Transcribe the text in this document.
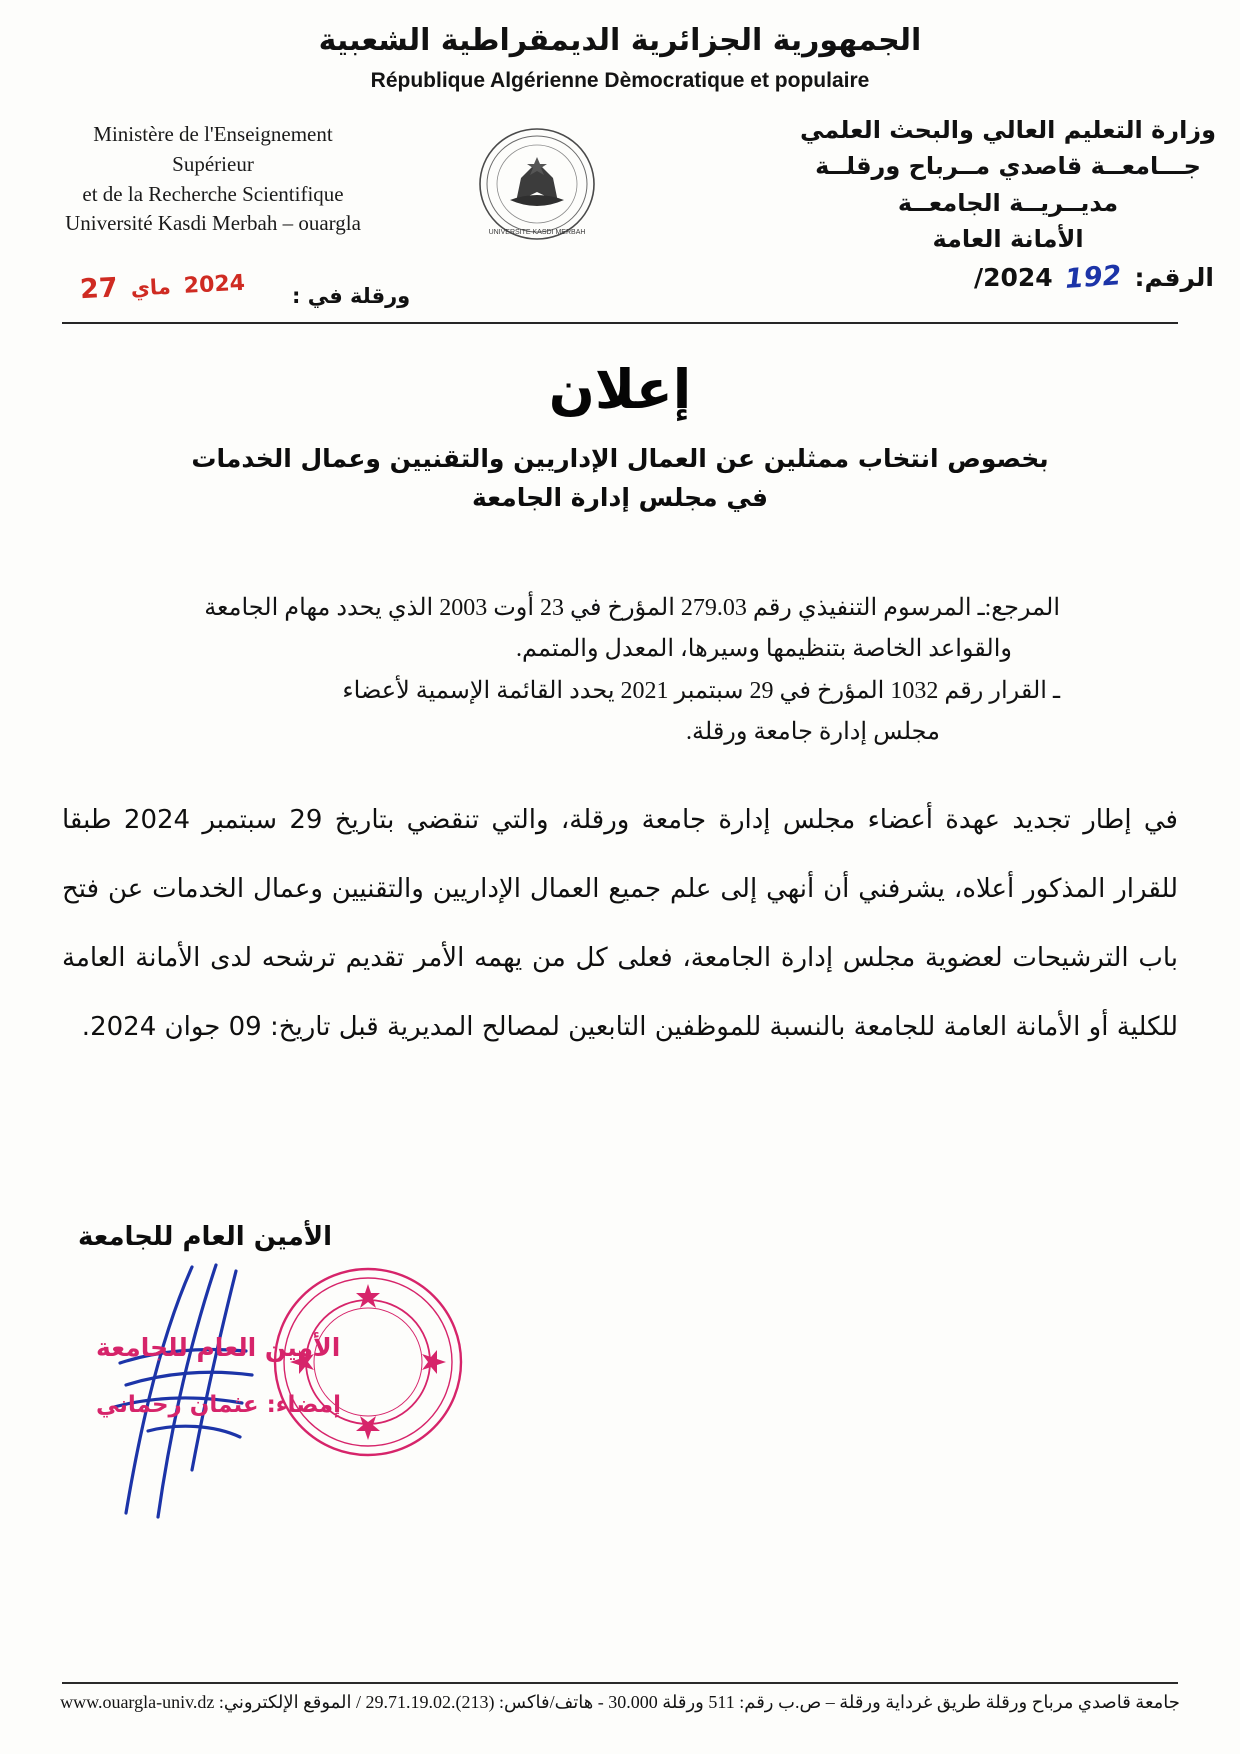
الجمهورية الجزائرية الديمقراطية الشعبية
République Algérienne Dèmocratique et populaire
Ministère de l'Enseignement
Supérieur
et de la Recherche Scientifique
Université Kasdi Merbah – ouargla
وزارة التعليم العالي والبحث العلمي
جـــامعــة قاصدي مــرباح ورقلــة
مديــريــة الجامعــة
الأمانة العامة
UNIVERSITE KASDI MERBAH
الرقم: 192 2024/
ورقلة في :
2024 ماي 27
إعلان
بخصوص انتخاب ممثلين عن العمال الإداريين والتقنيين وعمال الخدمات
في مجلس إدارة الجامعة
المرجع:ـ المرسوم التنفيذي رقم 279.03 المؤرخ في 23 أوت 2003 الذي يحدد مهام الجامعة
والقواعد الخاصة بتنظيمها وسيرها، المعدل والمتمم.
ـ القرار رقم 1032 المؤرخ في 29 سبتمبر 2021 يحدد القائمة الإسمية لأعضاء
مجلس إدارة جامعة ورقلة.

في إطار تجديد عهدة أعضاء مجلس إدارة جامعة ورقلة، والتي تنقضي بتاريخ 29 سبتمبر 2024 طبقا للقرار المذكور أعلاه، يشرفني أن أنهي إلى علم جميع العمال الإداريين والتقنيين وعمال الخدمات عن فتح باب الترشيحات لعضوية مجلس إدارة الجامعة، فعلى كل من يهمه الأمر تقديم ترشحه لدى الأمانة العامة للكلية أو الأمانة العامة للجامعة بالنسبة للموظفين التابعين لمصالح المديرية قبل تاريخ: 09 جوان 2024.

الأمين العام للجامعة
الأمين العام للجامعة
إمضاء: عثمان رحماني
جامعة قاصدي مرباح ورقلة طريق غرداية ورقلة – ص.ب رقم: 511 ورقلة 30.000 - هاتف/فاكس: (213).29.71.19.02 / الموقع الإلكتروني: www.ouargla-univ.dz
